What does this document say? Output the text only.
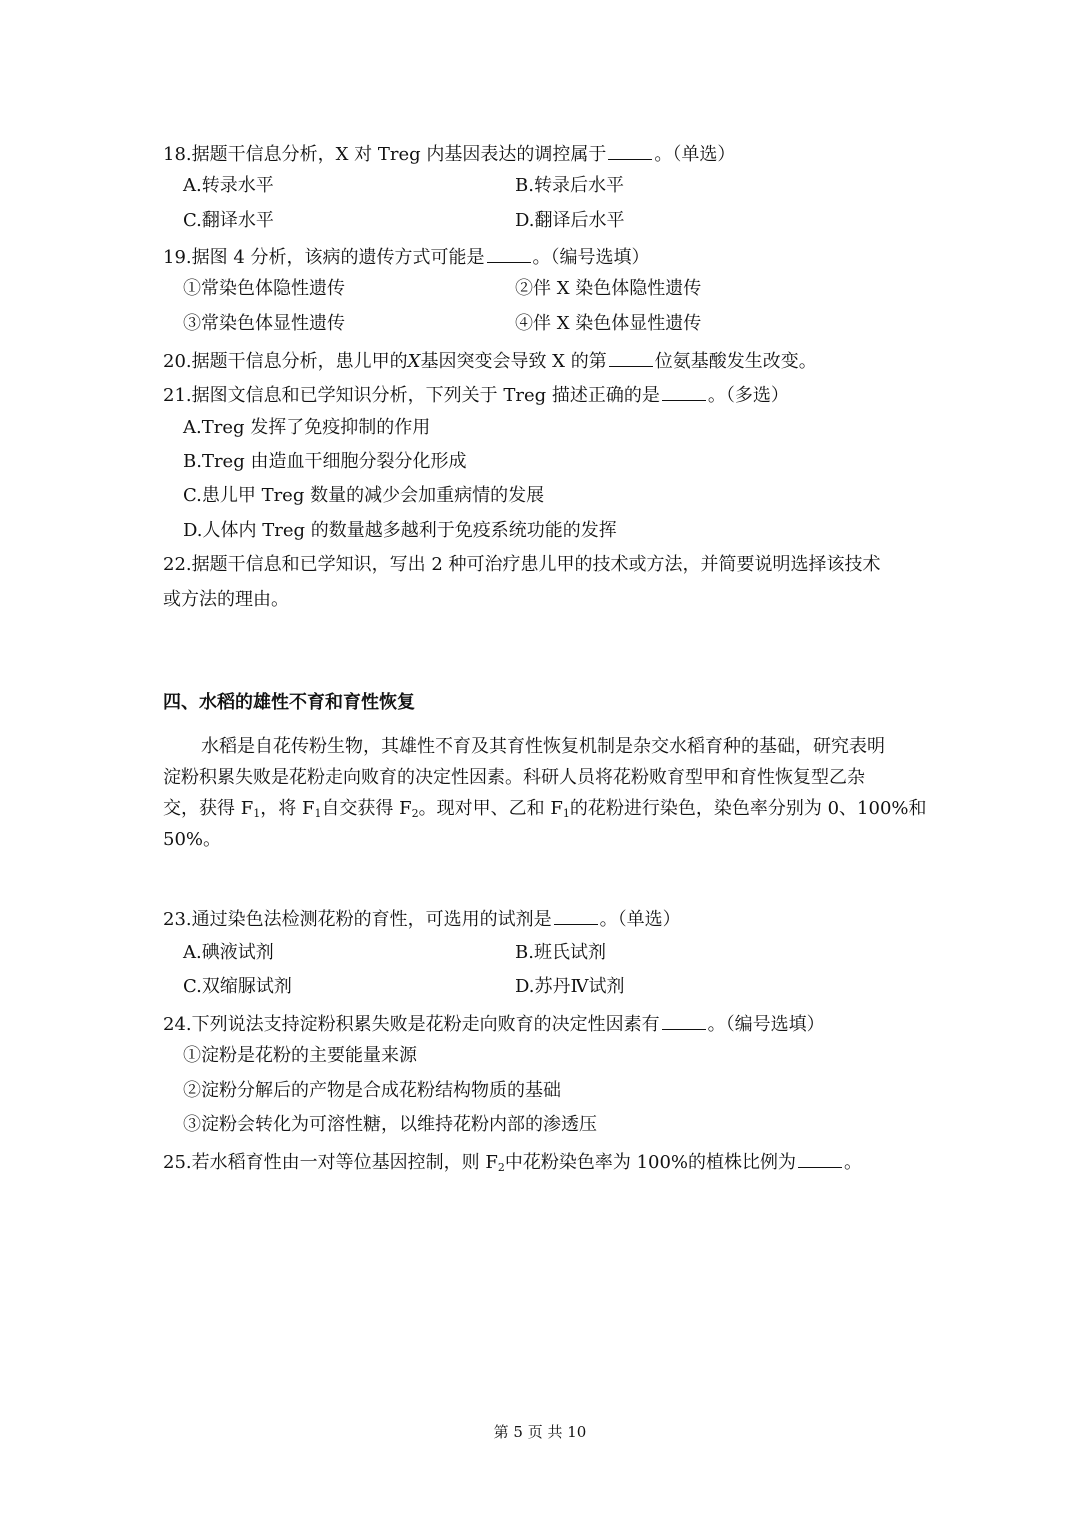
18.据题干信息分析，X 对 Treg 内基因表达的调控属于	。（单选）
A.转录水平	B.转录后水平
C.翻译水平	D.翻译后水平
19.据图 4 分析，该病的遗传方式可能是	。（编号选填）
①常染色体隐性遗传	②伴 X 染色体隐性遗传
③常染色体显性遗传	④伴 X 染色体显性遗传
20.据题干信息分析，患儿甲的X基因突变会导致 X 的第	位氨基酸发生改变。
21.据图文信息和已学知识分析，下列关于 Treg 描述正确的是	。（多选）
A.Treg 发挥了免疫抑制的作用
B.Treg 由造血干细胞分裂分化形成
C.患儿甲 Treg 数量的减少会加重病情的发展
D.人体内 Treg 的数量越多越利于免疫系统功能的发挥
22.据题干信息和已学知识，写出 2 种可治疗患儿甲的技术或方法，并简要说明选择该技术
或方法的理由。
四、水稻的雄性不育和育性恢复
水稻是自花传粉生物，其雄性不育及其育性恢复机制是杂交水稻育种的基础，研究表明
淀粉积累失败是花粉走向败育的决定性因素。科研人员将花粉败育型甲和育性恢复型乙杂
交，获得 $F_1$，将 $F_1$自交获得 $F_2$。现对甲、乙和 $F_1$的花粉进行染色，染色率分别为 0、100%和
50%。
23.通过染色法检测花粉的育性，可选用的试剂是	。（单选）
A.碘液试剂	B.班氏试剂
C.双缩脲试剂	D.苏丹Ⅳ试剂
24.下列说法支持淀粉积累失败是花粉走向败育的决定性因素有	。（编号选填）
①淀粉是花粉的主要能量来源
②淀粉分解后的产物是合成花粉结构物质的基础
③淀粉会转化为可溶性糖，以维持花粉内部的渗透压
25.若水稻育性由一对等位基因控制，则 $F_2$中花粉染色率为 100%的植株比例为	。
第 5 页 共 10
